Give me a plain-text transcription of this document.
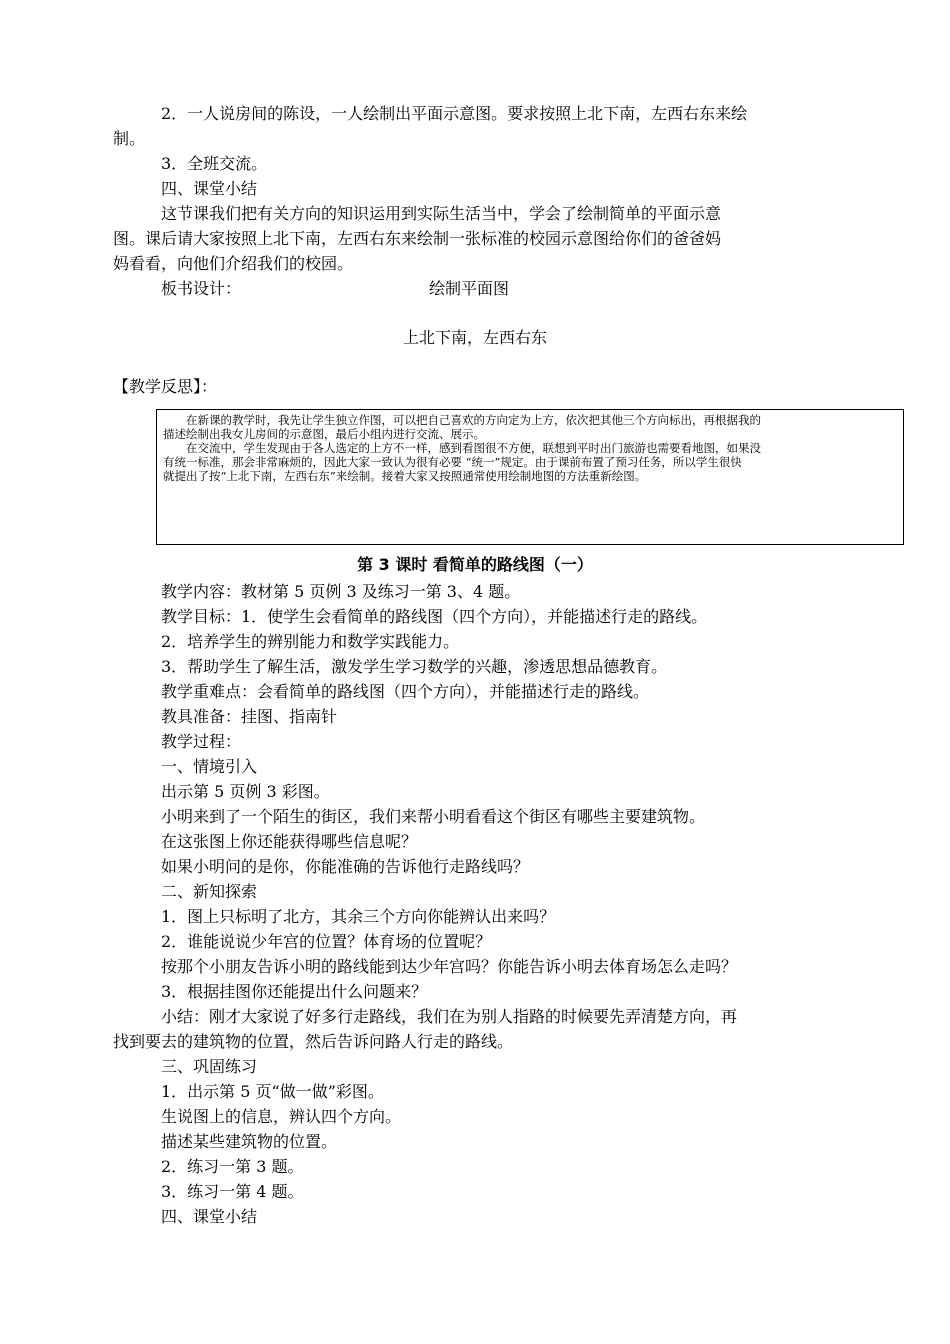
2．一人说房间的陈设，一人绘制出平面示意图。要求按照上北下南，左西右东来绘
制。
3．全班交流。
四、课堂小结
这节课我们把有关方向的知识运用到实际生活当中，学会了绘制简单的平面示意
图。课后请大家按照上北下南，左西右东来绘制一张标准的校园示意图给你们的爸爸妈
妈看看，向他们介绍我们的校园。
板书设计：	绘制平面图
上北下南，左西右东
【教学反思】：

　　在新课的教学时，我先让学生独立作图，可以把自己喜欢的方向定为上方，依次把其他三个方向标出，再根据我的

描述绘制出我女儿房间的示意图，最后小组内进行交流、展示。

　　在交流中，学生发现由于各人选定的上方不一样，感到看图很不方便，联想到平时出门旅游也需要看地图，如果没

有统一标准，那会非常麻烦的，因此大家一致认为很有必要 “统一”规定。由于课前布置了预习任务，所以学生很快

就提出了按“上北下南，左西右东”来绘制。接着大家又按照通常使用绘制地图的方法重新绘图。

第 3 课时 看简单的路线图（一）
教学内容：教材第 5 页例 3 及练习一第 3、4 题。
教学目标：1．使学生会看简单的路线图（四个方向），并能描述行走的路线。
2．培养学生的辨别能力和数学实践能力。
3．帮助学生了解生活，激发学生学习数学的兴趣，渗透思想品德教育。
教学重难点：会看简单的路线图（四个方向），并能描述行走的路线。
教具准备：挂图、指南针
教学过程：
一、情境引入
出示第 5 页例 3 彩图。
小明来到了一个陌生的街区，我们来帮小明看看这个街区有哪些主要建筑物。
在这张图上你还能获得哪些信息呢？
如果小明问的是你，你能准确的告诉他行走路线吗？
二、新知探索
1．图上只标明了北方，其余三个方向你能辨认出来吗？
2．谁能说说少年宫的位置？体育场的位置呢？
按那个小朋友告诉小明的路线能到达少年宫吗？你能告诉小明去体育场怎么走吗？
3．根据挂图你还能提出什么问题来？
小结：刚才大家说了好多行走路线，我们在为别人指路的时候要先弄清楚方向，再
找到要去的建筑物的位置，然后告诉问路人行走的路线。
三、巩固练习
1．出示第 5 页“做一做”彩图。
生说图上的信息，辨认四个方向。
描述某些建筑物的位置。
2．练习一第 3 题。
3．练习一第 4 题。
四、课堂小结
